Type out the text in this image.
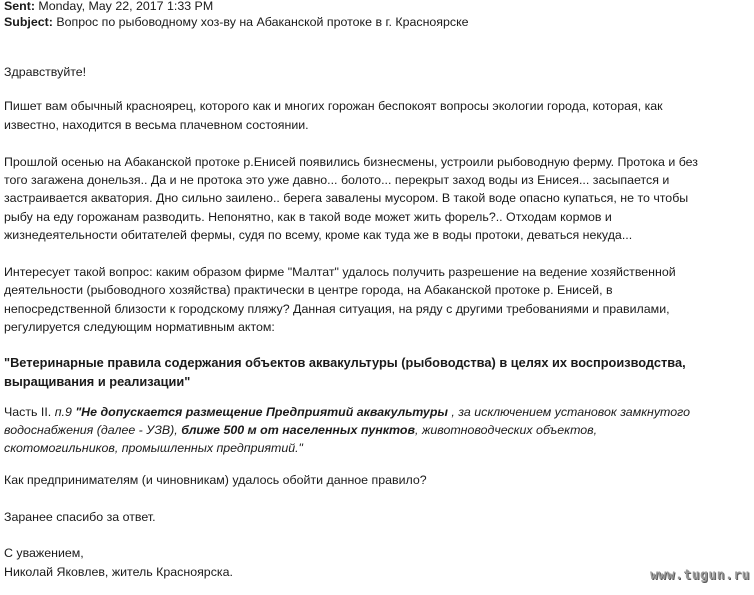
Sent: Monday, May 22, 2017 1:33 PM
Subject: Вопрос по рыбоводному хоз-ву на Абаканской протоке в г. Красноярске
Здравствуйте!
Пишет вам обычный красноярец, которого как и многих горожан беспокоят вопросы экологии города, которая, как
известно, находится в весьма плачевном состоянии.
Прошлой осенью на Абаканской протоке р.Енисей появились бизнесмены, устроили рыбоводную ферму. Протока и без
того загажена донельзя.. Да и не протока это уже давно... болото... перекрыт заход воды из Енисея... засыпается и
застраивается акватория. Дно сильно заилено.. берега завалены мусором. В такой воде опасно купаться, не то чтобы
рыбу на еду горожанам разводить. Непонятно, как в такой воде может жить форель?.. Отходам кормов и
жизнедеятельности обитателей фермы, судя по всему, кроме как туда же в воды протоки, деваться некуда...
Интересует такой вопрос: каким образом фирме "Малтат" удалось получить разрешение на ведение хозяйственной
деятельности (рыбоводного хозяйства) практически в центре города, на Абаканской протоке р. Енисей, в
непосредственной близости к городскому пляжу? Данная ситуация, на ряду с другими требованиями и правилами,
регулируется следующим нормативным актом:
"Ветеринарные правила содержания объектов аквакультуры (рыбоводства) в целях их воспроизводства,
выращивания и реализации"
Часть II. п.9 "Не допускается размещение Предприятий аквакультуры , за исключением установок замкнутого
водоснабжения (далее - УЗВ), ближе 500 м от населенных пунктов, животноводческих объектов,
скотомогильников, промышленных предприятий."
Как предпринимателям (и чиновникам) удалось обойти данное правило?
Заранее спасибо за ответ.
С уважением,
Николай Яковлев, житель Красноярска.	www.tugun.ru
